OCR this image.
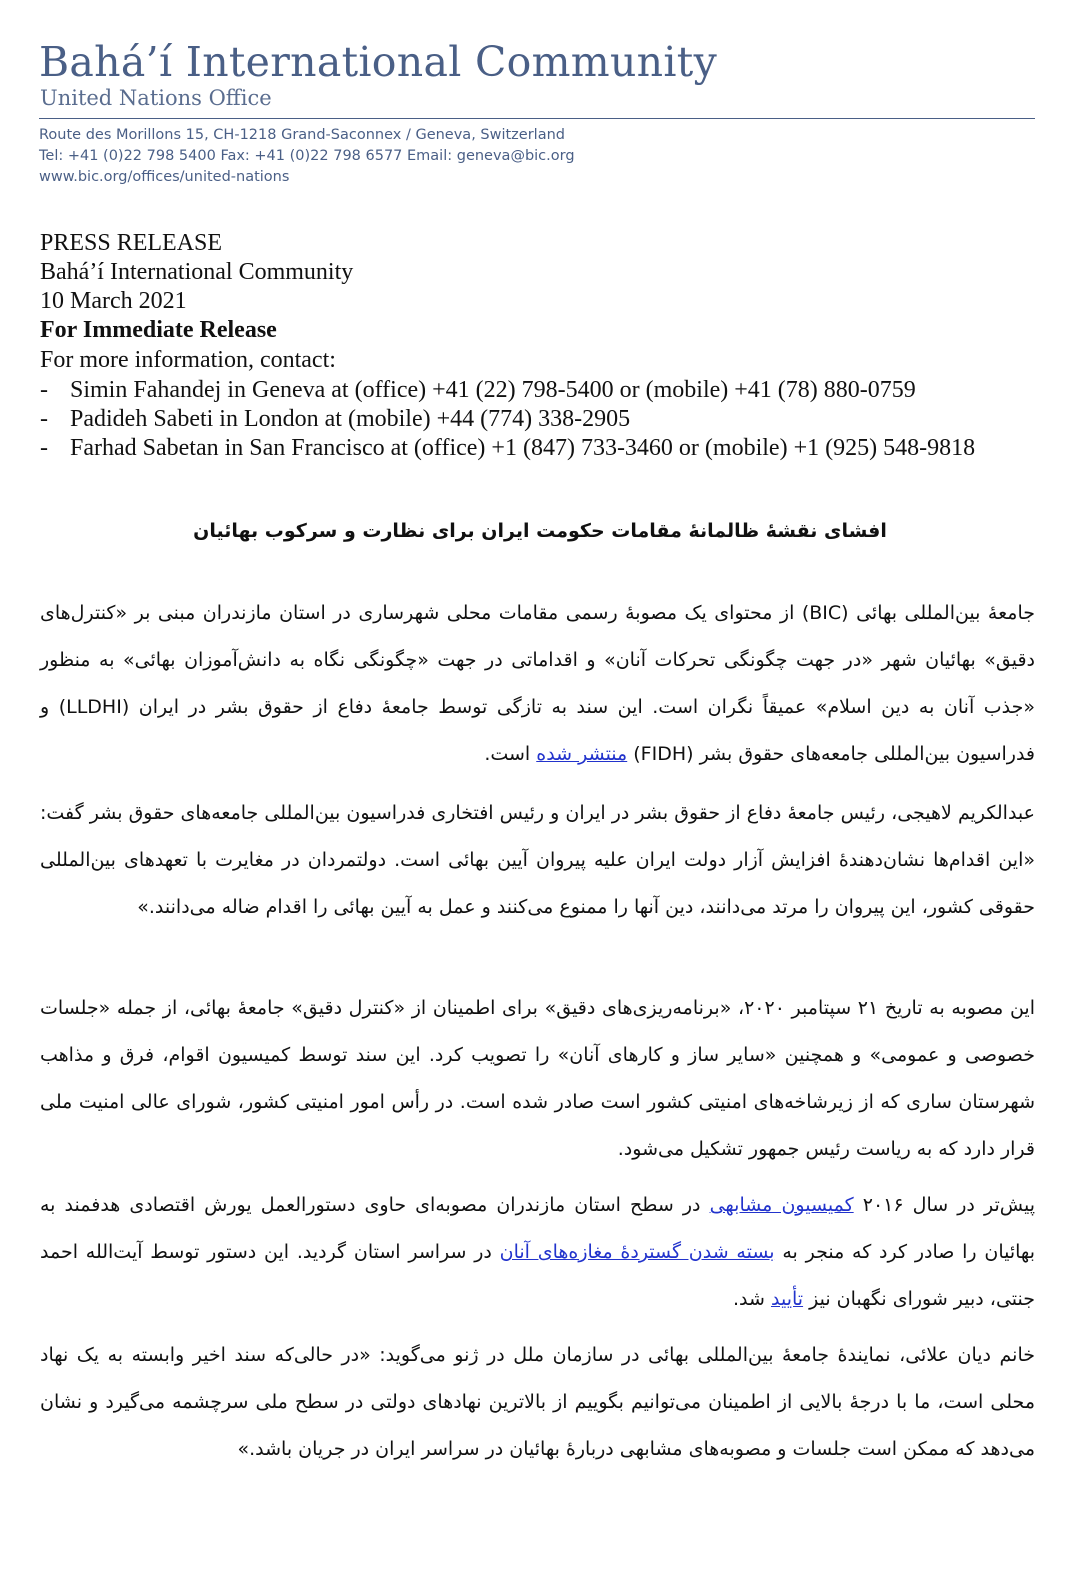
Bahá’í International Community
United Nations Office
Route des Morillons 15, CH-1218 Grand-Saconnex / Geneva, Switzerland
Tel: +41 (0)22 798 5400 Fax: +41 (0)22 798 6577 Email: geneva@bic.org
www.bic.org/offices/united-nations
PRESS RELEASE
Bahá’í International Community
10 March 2021
For Immediate Release
For more information, contact:
- Simin Fahandej in Geneva at (office) +41 (22) 798-5400 or (mobile) +41 (78) 880-0759
- Padideh Sabeti in London at (mobile) +44 (774) 338-2905
- Farhad Sabetan in San Francisco at (office) +1 (847) 733-3460 or (mobile) +1 (925) 548-9818
افشای نقشهٔ ظالمانهٔ مقامات حکومت ایران برای نظارت و سرکوب بهائیان
جامعهٔ بین‌المللی بهائی (BIC) از محتوای یک مصوبهٔ رسمی مقامات محلی شهرساری در استان مازندران مبنی بر «کنترل‌های دقیق» بهائیان شهر «در جهت چگونگی تحرکات آنان» و اقداماتی در جهت «چگونگی نگاه به دانش‌آموزان بهائی» به منظور «جذب آنان به دین اسلام» عمیقاً نگران است. این سند به تازگی توسط جامعهٔ دفاع از حقوق بشر در ایران (LLDHI) و فدراسیون بین‌المللی جامعه‌های حقوق بشر (FIDH) منتشر شده است.
عبدالکریم لاهیجی، رئیس جامعهٔ دفاع از حقوق بشر در ایران و رئیس افتخاری فدراسیون بین‌المللی جامعه‌های حقوق بشر گفت: «این اقدام‌ها نشان‌دهندهٔ افزایش آزار دولت ایران علیه پیروان آیین بهائی است. دولتمردان در مغایرت با تعهدهای بین‌المللی حقوقی کشور، این پیروان را مرتد می‌دانند، دین آنها را ممنوع می‌کنند و عمل به آیین بهائی را اقدام ضاله می‌دانند.»
این مصوبه به تاریخ ۲۱ سپتامبر ۲۰۲۰، «برنامه‌ریزی‌های دقیق» برای اطمینان از «کنترل دقیق» جامعهٔ بهائی، از جمله «جلسات خصوصی و عمومی» و همچنین «سایر ساز و کارهای آنان» را تصویب کرد. این سند توسط کمیسیون اقوام، فرق و مذاهب شهرستان ساری که از زیرشاخه‌های امنیتی کشور است صادر شده است. در رأس امور امنیتی کشور، شورای عالی امنیت ملی قرار دارد که به ریاست رئیس جمهور تشکیل می‌شود.
پیش‌تر در سال ۲۰۱۶ کمیسیون مشابهی در سطح استان مازندران مصوبه‌ای حاوی دستورالعمل یورش اقتصادی هدفمند به بهائیان را صادر کرد که منجر به بسته شدن گستردهٔ مغازه‌های آنان در سراسر استان گردید. این دستور توسط آیت‌الله احمد جنتی، دبیر شورای نگهبان نیز تأیید شد.
خانم دیان علائی، نمایندهٔ جامعهٔ بین‌المللی بهائی در سازمان ملل در ژنو می‌گوید: «در حالی‌که سند اخیر وابسته به یک نهاد محلی است، ما با درجهٔ بالایی از اطمینان می‌توانیم بگوییم از بالاترین نهادهای دولتی در سطح ملی سرچشمه می‌گیرد و نشان می‌دهد که ممکن است جلسات و مصوبه‌های مشابهی دربارهٔ بهائیان در سراسر ایران در جریان باشد.»
